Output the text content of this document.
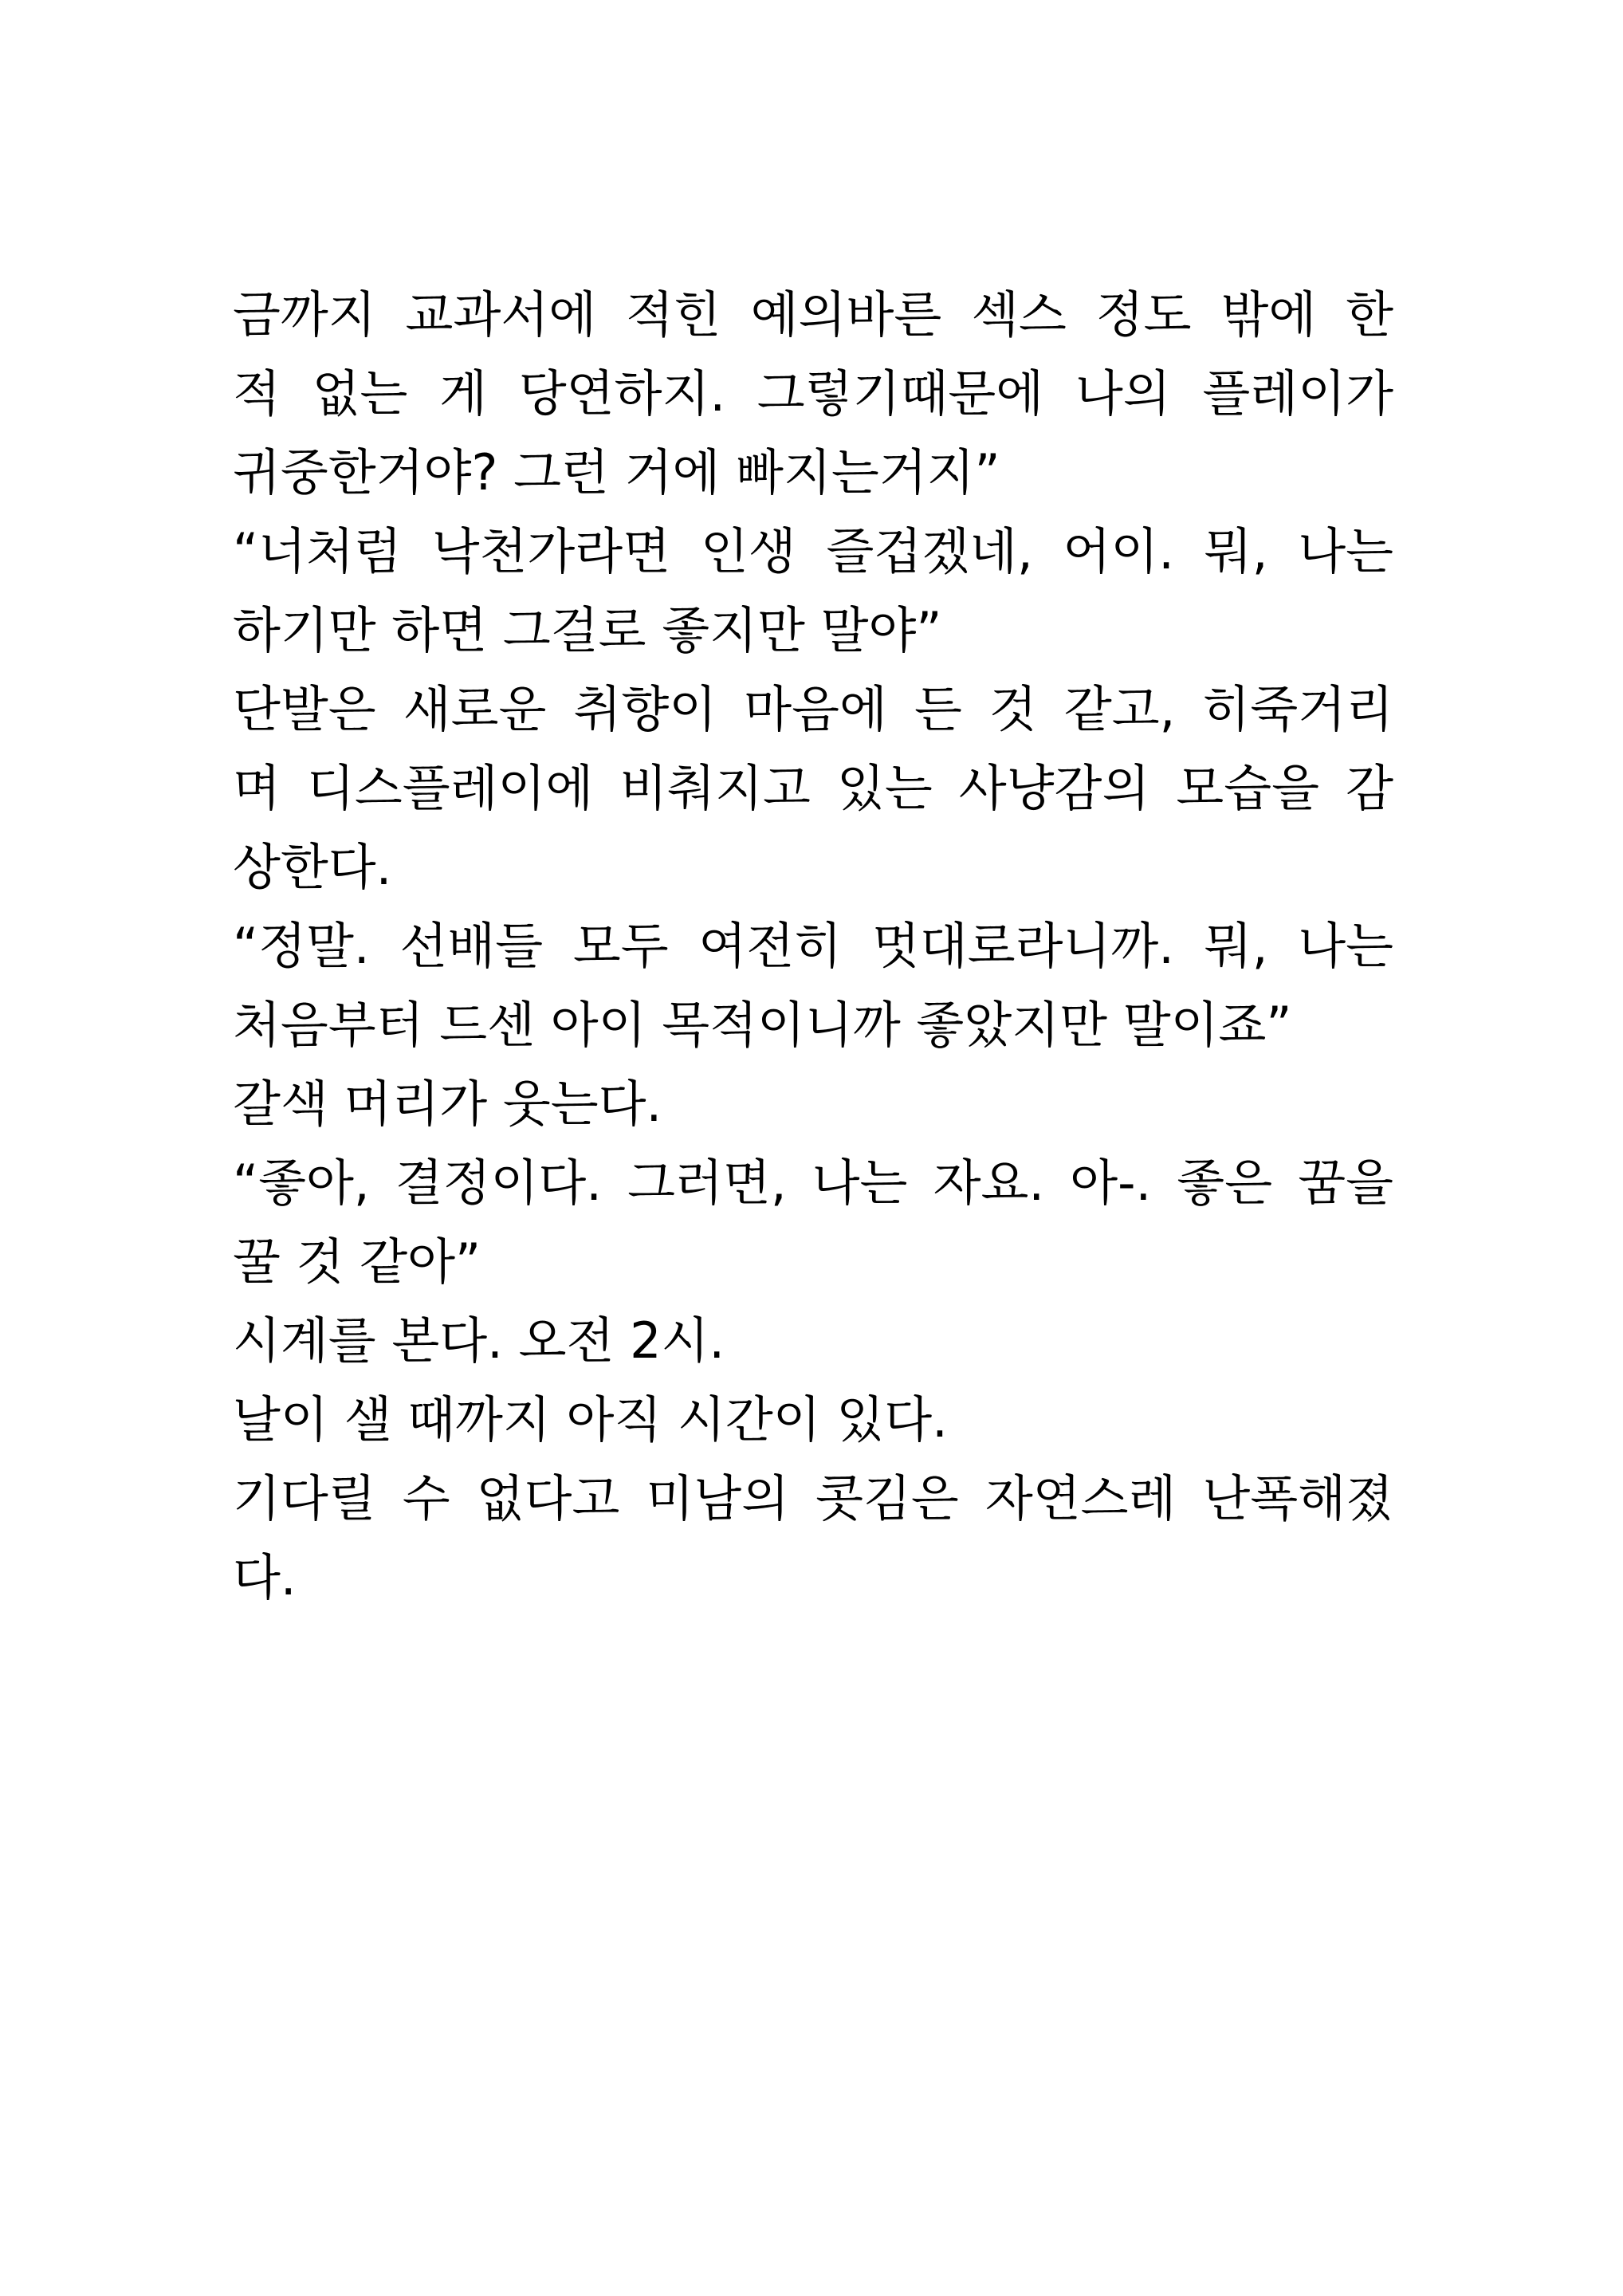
금까지 교과서에 적힌 예의바른 섹스 정도 밖에 한
적 없는 게 당연하지. 그렇기때문에 나의 플레이가
귀중한거야? 그런 거에 빠지는거지”
“너처럼 낙천가라면 인생 즐겁겠네, 어이. 뭐, 나는
하기만 하면 그걸로 좋지만 말야”
단발은 새로운 취향이 마음에 든 것 같고, 히죽거리
며 디스플레이에 비춰지고 있는 사냥감의 모습을 감
상한다.
“정말. 선배들 모두 여전히 멋대로라니까. 뭐, 나는
처음부터 드센 아이 목적이니까 좋았지만 말이죠”
갈색 머리가 웃는다.
“좋아, 결정이다. 그러면, 나는 자요. 아-. 좋은 꿈을
꿀 것 같아”
시계를 본다. 오전 2시.
날이 샐 때까지 아직 시간이 있다.
기다릴 수 없다고 미남의 콧김은 자연스레 난폭해졌
다.
